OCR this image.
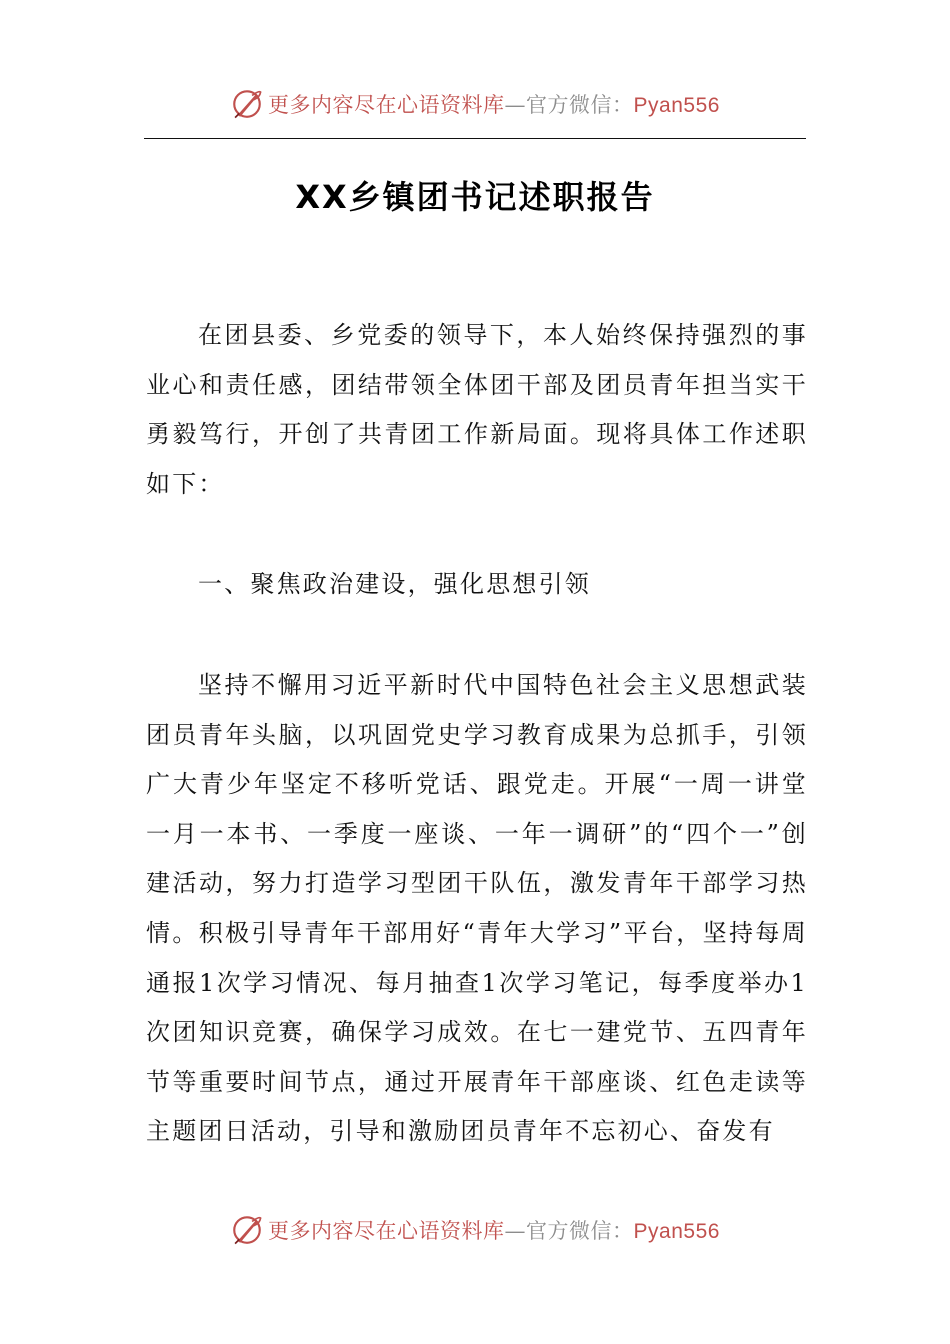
更多内容尽在心语资料库—官方微信：Pyan556
XX乡镇团书记述职报告

在团县委、乡党委的领导下，本人始终保持强烈的事业心和责任感，团结带领全体团干部及团员青年担当实干勇毅笃行，开创了共青团工作新局面。现将具体工作述职如下：

一、聚焦政治建设，强化思想引领

坚持不懈用习近平新时代中国特色社会主义思想武装团员青年头脑，以巩固党史学习教育成果为总抓手，引领广大青少年坚定不移听党话、跟党走。开展“一周一讲堂一月一本书、一季度一座谈、一年一调研”的“四个一”创建活动，努力打造学习型团干队伍，激发青年干部学习热情。积极引导青年干部用好“青年大学习”平台，坚持每周通报1次学习情况、每月抽查1次学习笔记，每季度举办1次团知识竞赛，确保学习成效。在七一建党节、五四青年节等重要时间节点，通过开展青年干部座谈、红色走读等主题团日活动，引导和激励团员青年不忘初心、奋发有

更多内容尽在心语资料库—官方微信：Pyan556
